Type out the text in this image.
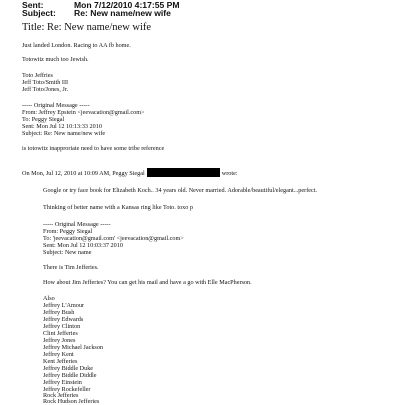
Sent:	Mon 7/12/2010 4:17:55 PM
Subject: Re: New name/new wife
Title: Re: New name/new wife
Just landed London. Racing to AA fb home.
Totowitz much too Jewish.
Toto Jeffries
Jeff Toto/Smith III
Jeff Toto/Jones, Jr.
----- Original Message -----
From: Jeffrey Epstein <jeevacation@gmail.com>
To: Peggy Siegal
Sent: Mon Jul 12 10:13:33 2010
Subject: Re: New name/new wife
is totowitz inapproriate need to have some tribe reference
On Mon, Jul 12, 2010 at 10:09 AM, Peggy Siegal	wrote:
Google or try face book for Elizabeth Koch.. 34 years old. Never married. Adorable/beautiful/elegant...perfect.
Thinking of better name with a Kansas ring like Toto. toxo p
----- Original Message -----
From: Peggy Siegal
To: 'jeevacation@gmail.com' <jeevacation@gmail.com>
Sent: Mon Jul 12 10:03:37 2010
Subject: New name
There is Tim Jefferies.
How about Jim Jefferies? You can get his mail and have a go with Elle MacPherson.
Also
Jeffrey L'Amour
Jeffrey Bush
Jeffrey Edwards
Jeffrey Clinton
Clint Jefferies
Jeffrey Jones
Jeffrey Michael Jackson
Jeffrey Kent
Kent Jefferies
Jeffrey Biddle Duke
Jeffrey Biddle Diddle
Jeffrey Einstein
Jeffrey Rockefeller
Rock Jefferies
Rock Hudson Jefferies
